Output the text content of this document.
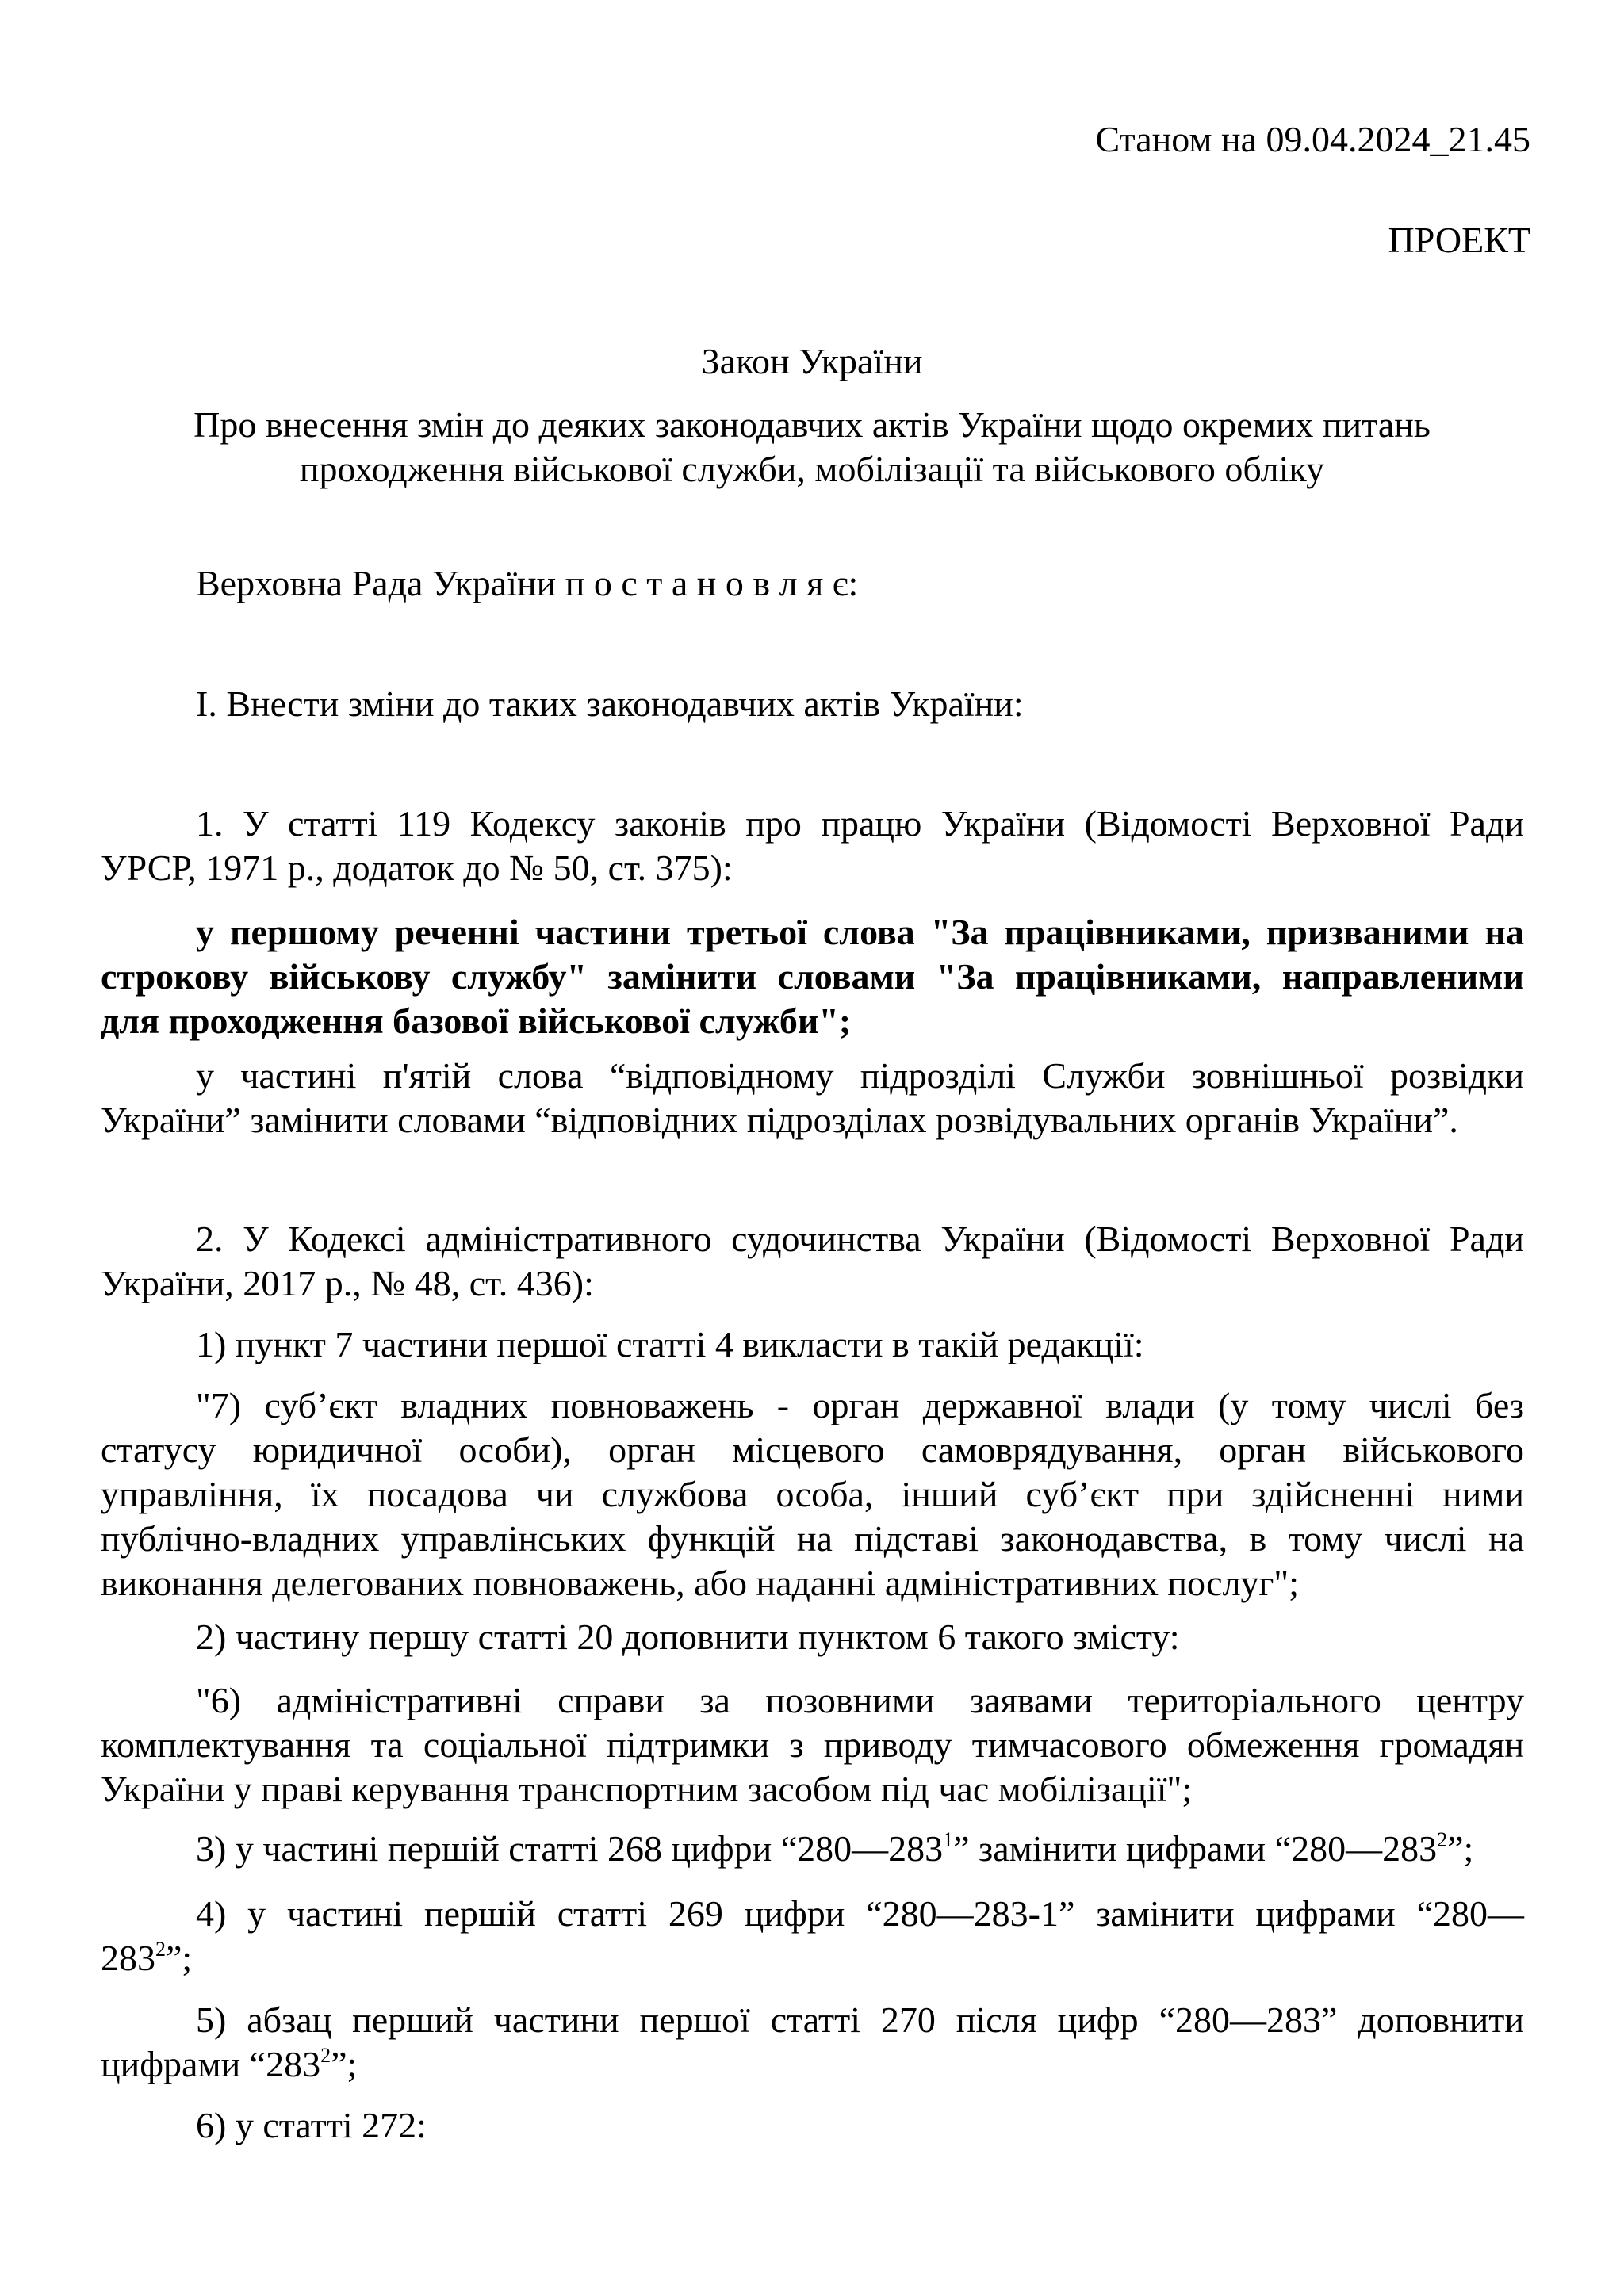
Станом на 09.04.2024_21.45
ПРОЕКТ
Закон України
Про внесення змін до деяких законодавчих актів України щодо окремих питань
проходження військової служби, мобілізації та військового обліку
Верховна Рада України п о с т а н о в л я є:
І. Внести зміни до таких законодавчих актів України:
1. У статті 119 Кодексу законів про працю України (Відомості Верховної Ради
УРСР, 1971 р., додаток до № 50, ст. 375):
у першому реченні частини третьої слова "За працівниками, призваними на
строкову військову службу" замінити словами "За працівниками, направленими
для проходження базової військової служби";
у частині п'ятій слова “відповідному підрозділі Служби зовнішньої розвідки
України” замінити словами “відповідних підрозділах розвідувальних органів України”.
2. У Кодексі адміністративного судочинства України (Відомості Верховної Ради
України, 2017 р., № 48, ст. 436):
1) пункт 7 частини першої статті 4 викласти в такій редакції:
"7) суб’єкт владних повноважень - орган державної влади (у тому числі без
статусу юридичної особи), орган місцевого самоврядування, орган військового
управління, їх посадова чи службова особа, інший суб’єкт при здійсненні ними
публічно-владних управлінських функцій на підставі законодавства, в тому числі на
виконання делегованих повноважень, або наданні адміністративних послуг";
2) частину першу статті 20 доповнити пунктом 6 такого змісту:
"6) адміністративні справи за позовними заявами територіального центру
комплектування та соціальної підтримки з приводу тимчасового обмеження громадян
України у праві керування транспортним засобом під час мобілізації";
3) у частині першій статті 268 цифри “$280—283^1$” замінити цифрами “$280—283^2$”;
4) у частині першій статті 269 цифри “280—283-1” замінити цифрами “280—
$283^2$”;
5) абзац перший частини першої статті 270 після цифр “280—283” доповнити
цифрами “$283^2$”;
6) у статті 272:
